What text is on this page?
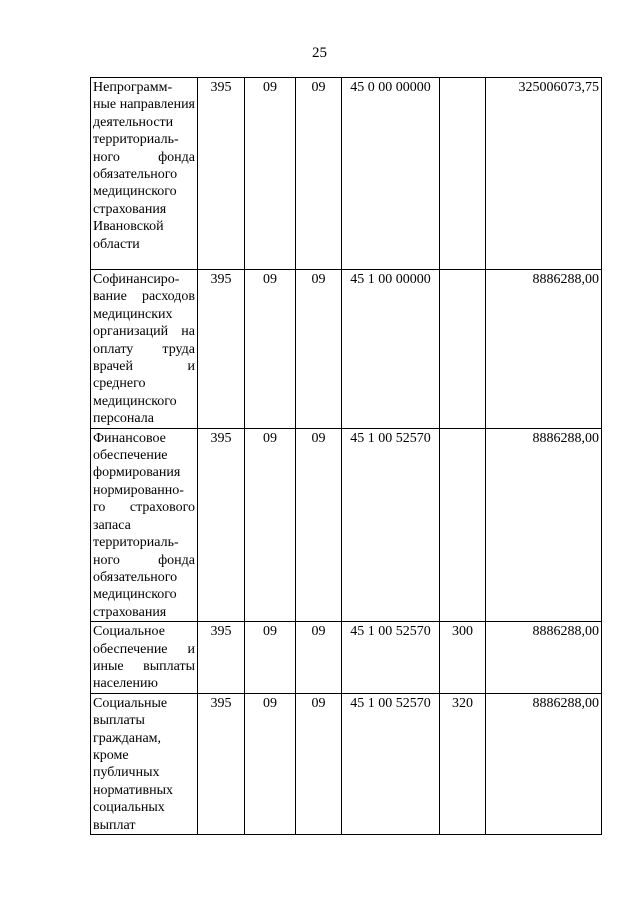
25
Непрограмм-ные направления деятельности территориаль-ного фонда обязательного медицинского страхования Ивановской области	395	09	09	45 0 00 00000		325006073,75
Софинансиро-вание расходов медицинских организаций на оплату труда врачей и среднего медицинского персонала	395	09	09	45 1 00 00000		8886288,00
Финансовое обеспечение формирования нормированно-го страхового запаса территориаль-ного фонда обязательного медицинского страхования	395	09	09	45 1 00 52570		8886288,00
Социальное обеспечение и иные выплаты населению	395	09	09	45 1 00 52570	300	8886288,00
Социальные выплаты гражданам, кроме публичных нормативных социальных выплат	395	09	09	45 1 00 52570	320	8886288,00
